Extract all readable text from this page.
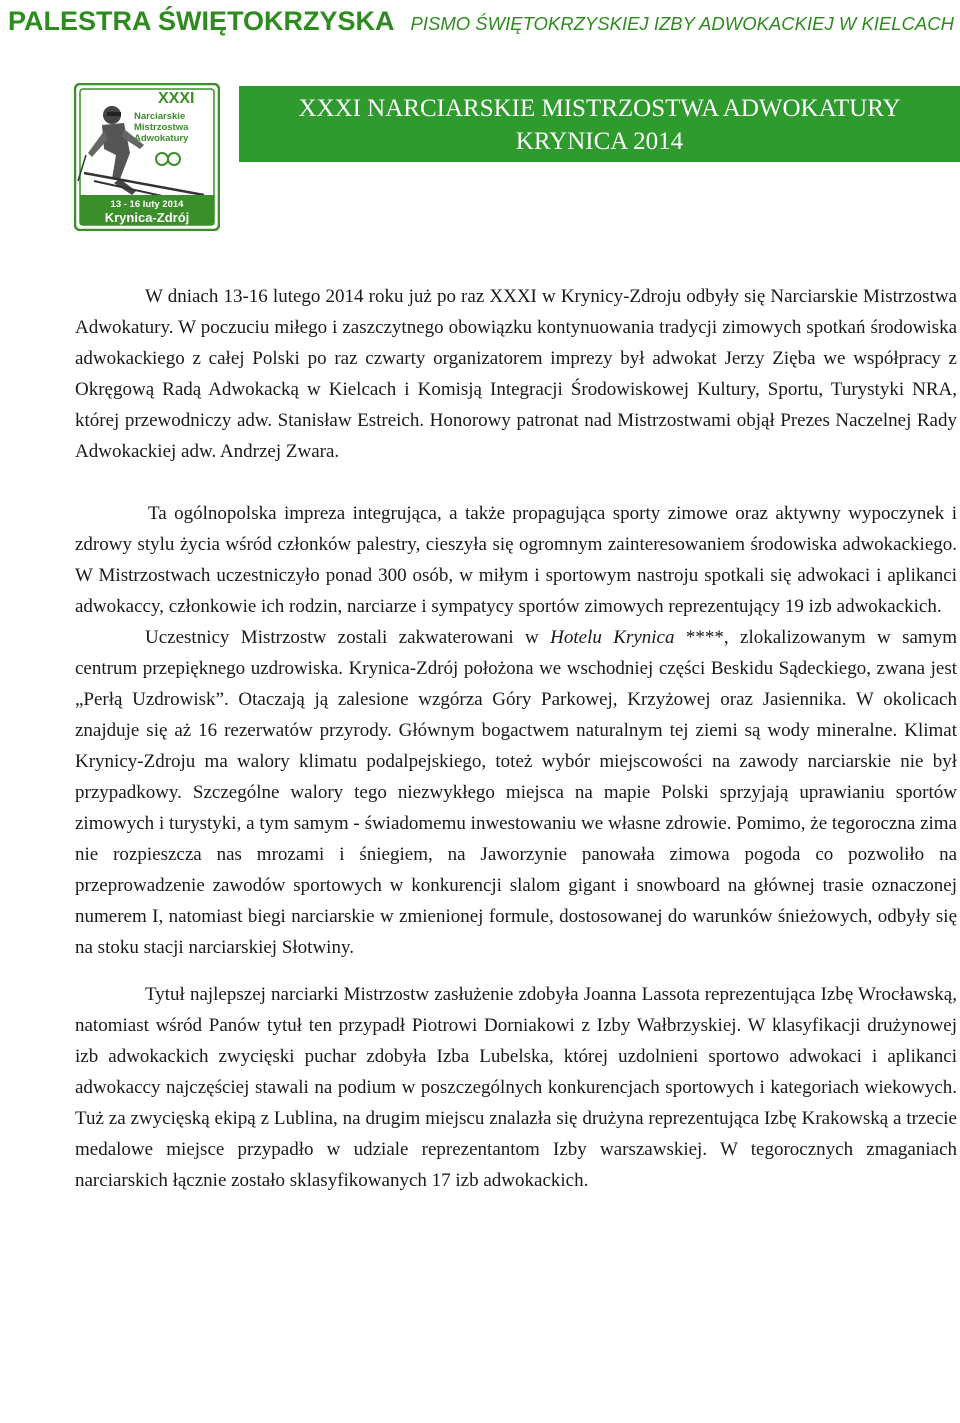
PALESTRA ŚWIĘTOKRZYSKA PISMO ŚWIĘTOKRZYSKIEJ IZBY ADWOKACKIEJ W KIELCACH
XXXI
Narciarskie
Mistrzostwa
Adwokatury
13 - 16 luty 2014
Krynica-Zdrój
XXXI NARCIARSKIE MISTRZOSTWA ADWOKATURY
KRYNICA 2014

W dniach 13-16 lutego 2014 roku już po raz XXXI w Krynicy-Zdroju odbyły się Narciarskie Mistrzostwa Adwokatury. W poczuciu miłego i zaszczytnego obowiązku kontynuowania tradycji zimowych spotkań środowiska adwokackiego z całej Polski po raz czwarty organizatorem imprezy był adwokat Jerzy Zięba we współpracy z Okręgową Radą Adwokacką w Kielcach i Komisją Integracji Środowiskowej Kultury, Sportu, Turystyki NRA, której przewodniczy adw. Stanisław Estreich. Honorowy patronat nad Mistrzostwami objął Prezes Naczelnej Rady Adwokackiej adw. Andrzej Zwara.

Ta ogólnopolska impreza integrująca, a także propagująca sporty zimowe oraz aktywny wypoczynek i zdrowy stylu życia wśród członków palestry, cieszyła się ogromnym zainteresowaniem środowiska adwokackiego. W Mistrzostwach uczestniczyło ponad 300 osób, w miłym i sportowym nastroju spotkali się adwokaci i aplikanci adwokaccy, członkowie ich rodzin, narciarze i sympatycy sportów zimowych reprezentujący 19 izb adwokackich.

Uczestnicy Mistrzostw zostali zakwaterowani w Hotelu Krynica ****, zlokalizowanym w samym centrum przepięknego uzdrowiska. Krynica-Zdrój położona we wschodniej części Beskidu Sądeckiego, zwana jest „Perłą Uzdrowisk”. Otaczają ją zalesione wzgórza Góry Parkowej, Krzyżowej oraz Jasiennika. W okolicach znajduje się aż 16 rezerwatów przyrody. Głównym bogactwem naturalnym tej ziemi są wody mineralne. Klimat Krynicy-Zdroju ma walory klimatu podalpejskiego, toteż wybór miejscowości na zawody narciarskie nie był przypadkowy. Szczególne walory tego niezwykłego miejsca na mapie Polski sprzyjają uprawianiu sportów zimowych i turystyki, a tym samym - świadomemu inwestowaniu we własne zdrowie. Pomimo, że tegoroczna zima nie rozpieszcza nas mrozami i śniegiem, na Jaworzynie panowała zimowa pogoda co pozwoliło na przeprowadzenie zawodów sportowych w konkurencji slalom gigant i snowboard na głównej trasie oznaczonej numerem I, natomiast biegi narciarskie w zmienionej formule, dostosowanej do warunków śnieżowych, odbyły się na stoku stacji narciarskiej Słotwiny.

Tytuł najlepszej narciarki Mistrzostw zasłużenie zdobyła Joanna Lassota reprezentująca Izbę Wrocławską, natomiast wśród Panów tytuł ten przypadł Piotrowi Dorniakowi z Izby Wałbrzyskiej. W klasyfikacji drużynowej izb adwokackich zwycięski puchar zdobyła Izba Lubelska, której uzdolnieni sportowo adwokaci i aplikanci adwokaccy najczęściej stawali na podium w poszczególnych konkurencjach sportowych i kategoriach wiekowych. Tuż za zwycięską ekipą z Lublina, na drugim miejscu znalazła się drużyna reprezentująca Izbę Krakowską a trzecie medalowe miejsce przypadło w udziale reprezentantom Izby warszawskiej. W tegorocznych zmaganiach narciarskich łącznie zostało sklasyfikowanych 17 izb adwokackich.
